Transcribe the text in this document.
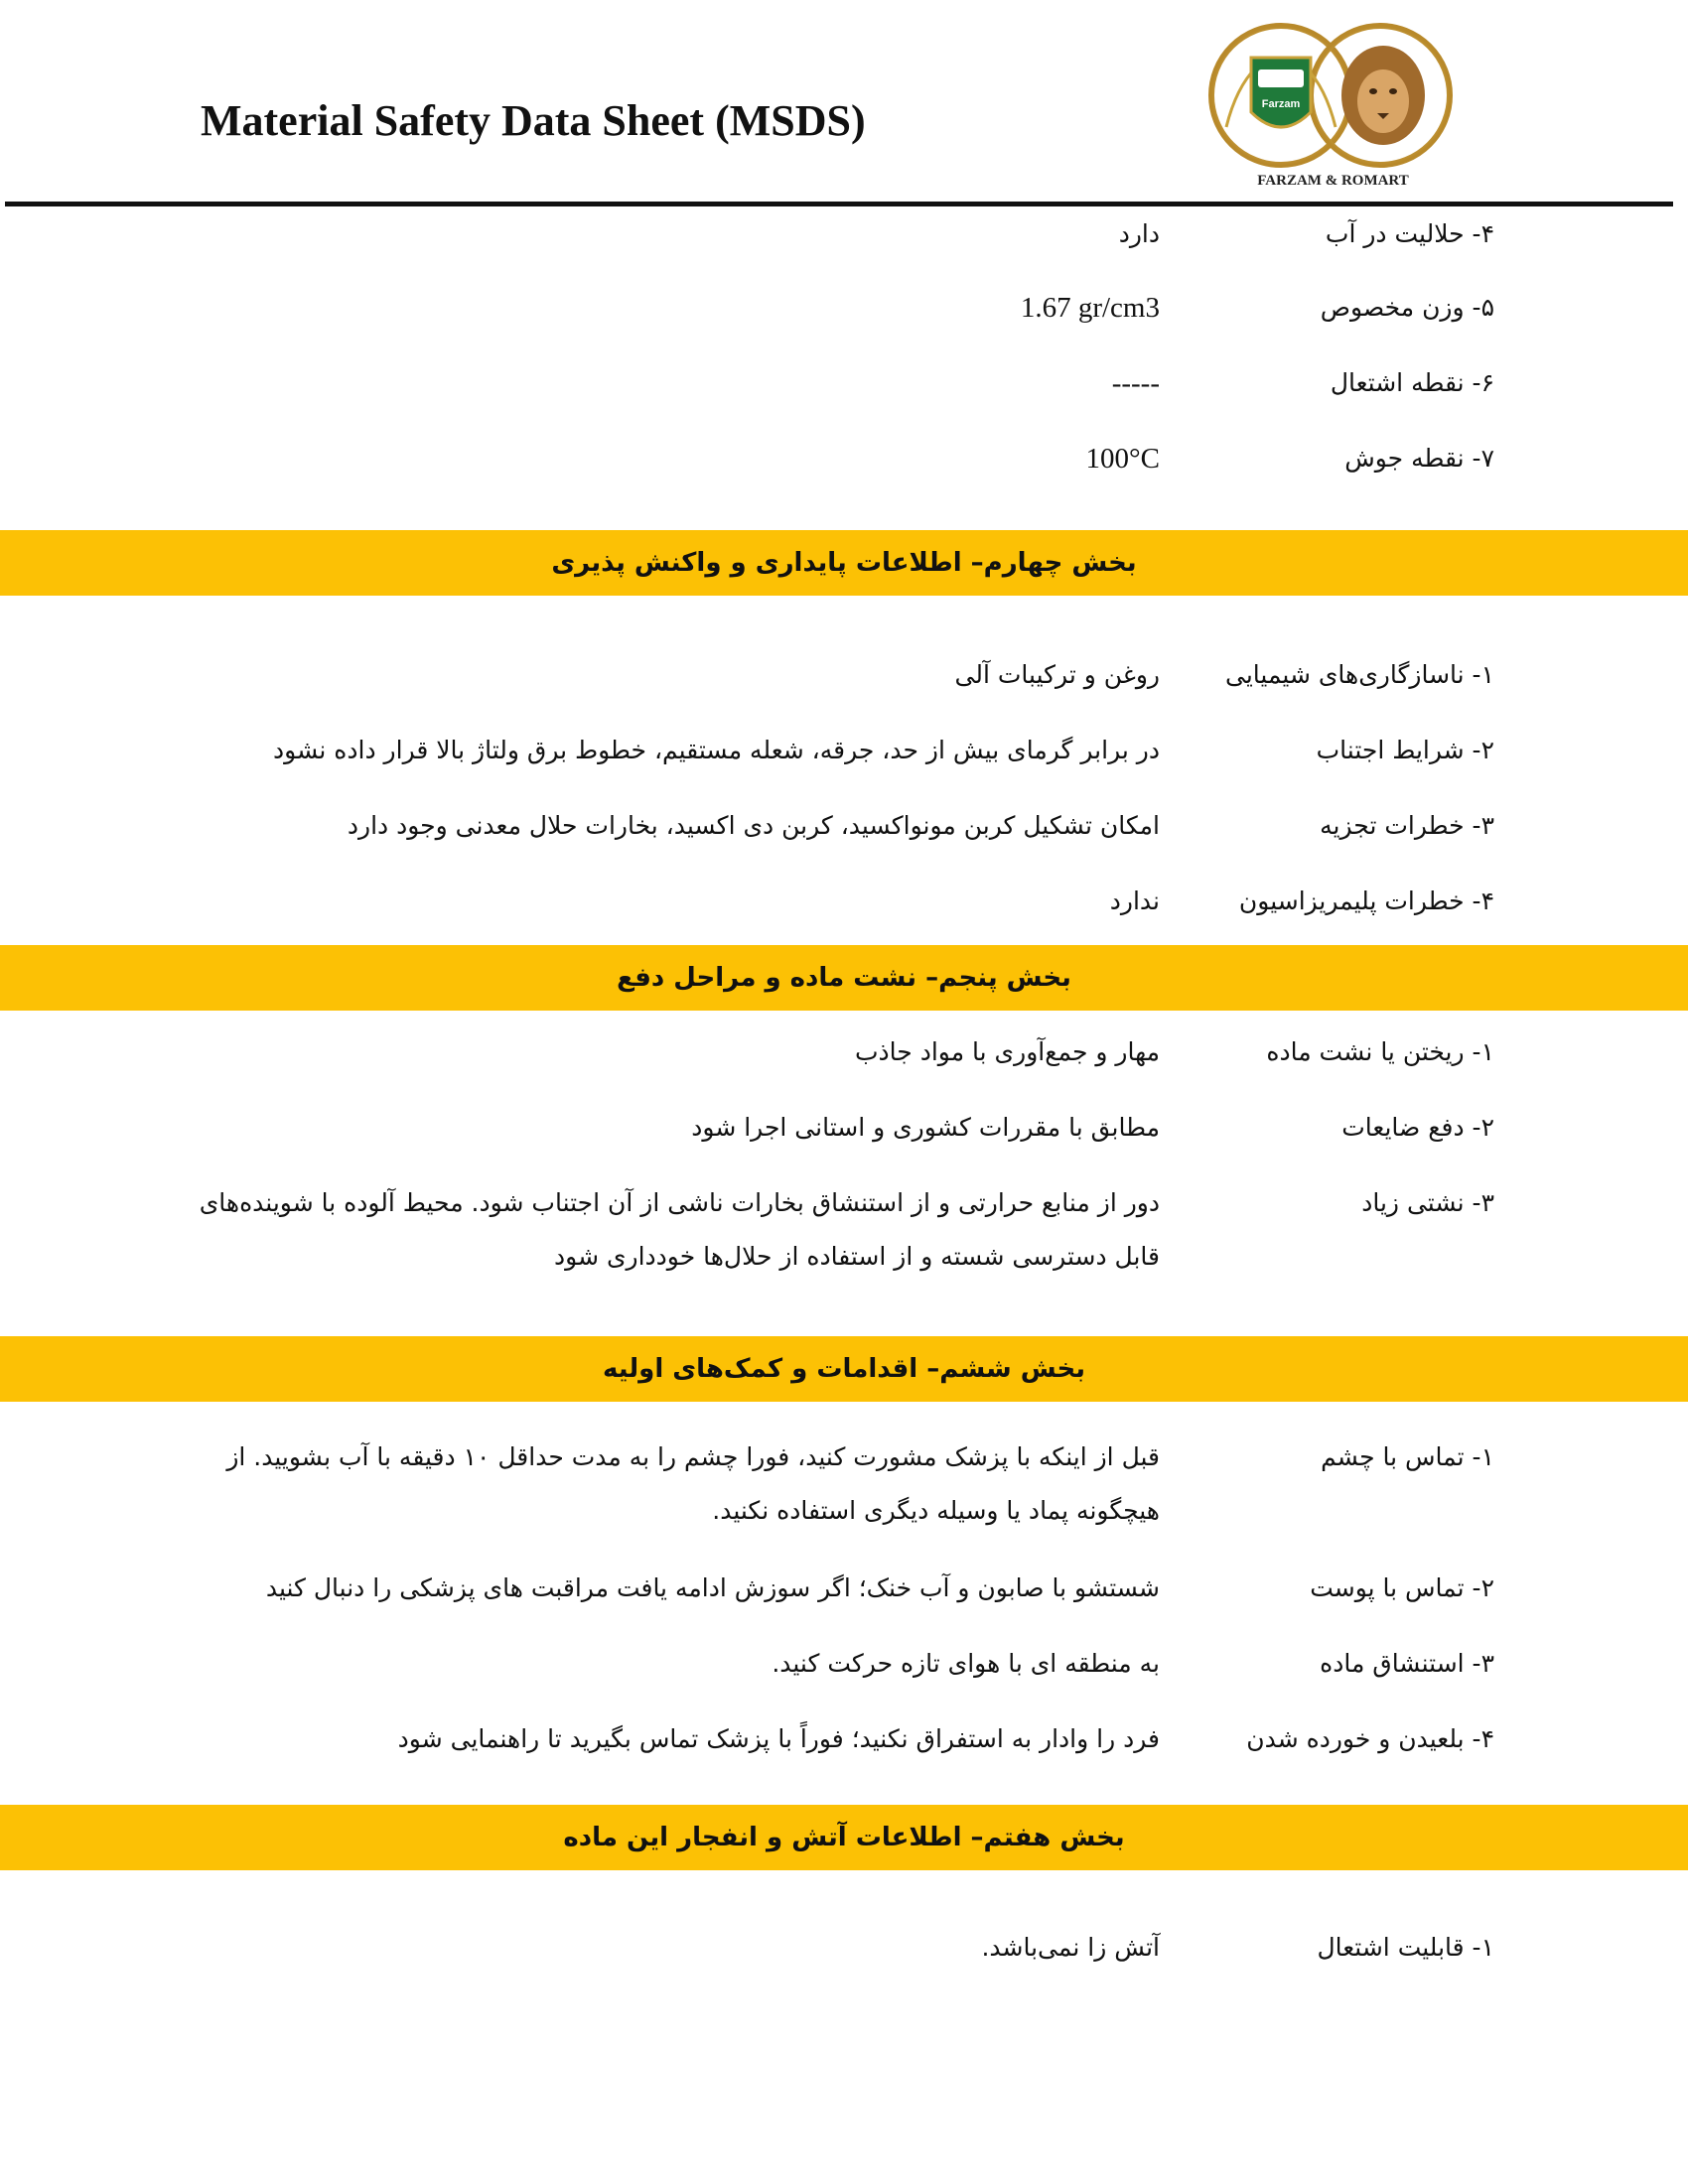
Material Safety Data Sheet (MSDS)	Farzam
FARZAM & ROMART
۴- حلالیت در آب
دارد
۵- وزن مخصوص
1.67 gr/cm3
۶- نقطه اشتعال
-----
۷- نقطه جوش
100°C
بخش چهارم– اطلاعات پایداری و واکنش پذیری
۱- ناسازگاری‌های شیمیایی
روغن و ترکیبات آلی
۲- شرایط اجتناب
در برابر گرمای بیش از حد، جرقه، شعله مستقیم، خطوط برق ولتاژ بالا قرار داده نشود
۳- خطرات تجزیه
امکان تشکیل کربن مونواکسید، کربن دی اکسید، بخارات حلال معدنی وجود دارد
۴- خطرات پلیمریزاسیون
ندارد
بخش پنجم– نشت ماده و مراحل دفع
۱- ریختن یا نشت ماده
مهار و جمع‌آوری با مواد جاذب
۲- دفع ضایعات
مطابق با مقررات کشوری و استانی اجرا شود
۳- نشتی زیاد
دور از منابع حرارتی و از استنشاق بخارات ناشی از آن اجتناب شود. محیط آلوده با شوینده‌های قابل دسترسی شسته و از استفاده از حلال‌ها خودداری شود
بخش ششم– اقدامات و کمک‌های اولیه
۱- تماس با چشم
قبل از اینکه با پزشک مشورت کنید، فورا چشم را به مدت حداقل ۱۰ دقیقه با آب بشویید. از هیچگونه پماد یا وسیله دیگری استفاده نکنید.
۲- تماس با پوست
شستشو با صابون و آب خنک؛ اگر سوزش ادامه یافت مراقبت های پزشکی را دنبال کنید
۳- استنشاق ماده
به منطقه ای با هوای تازه حرکت کنید.
۴- بلعیدن و خورده شدن
فرد را وادار به استفراق نکنید؛ فوراً با پزشک تماس بگیرید تا راهنمایی شود
بخش هفتم– اطلاعات آتش و انفجار این ماده
۱- قابلیت اشتعال
آتش زا نمی‌باشد.
